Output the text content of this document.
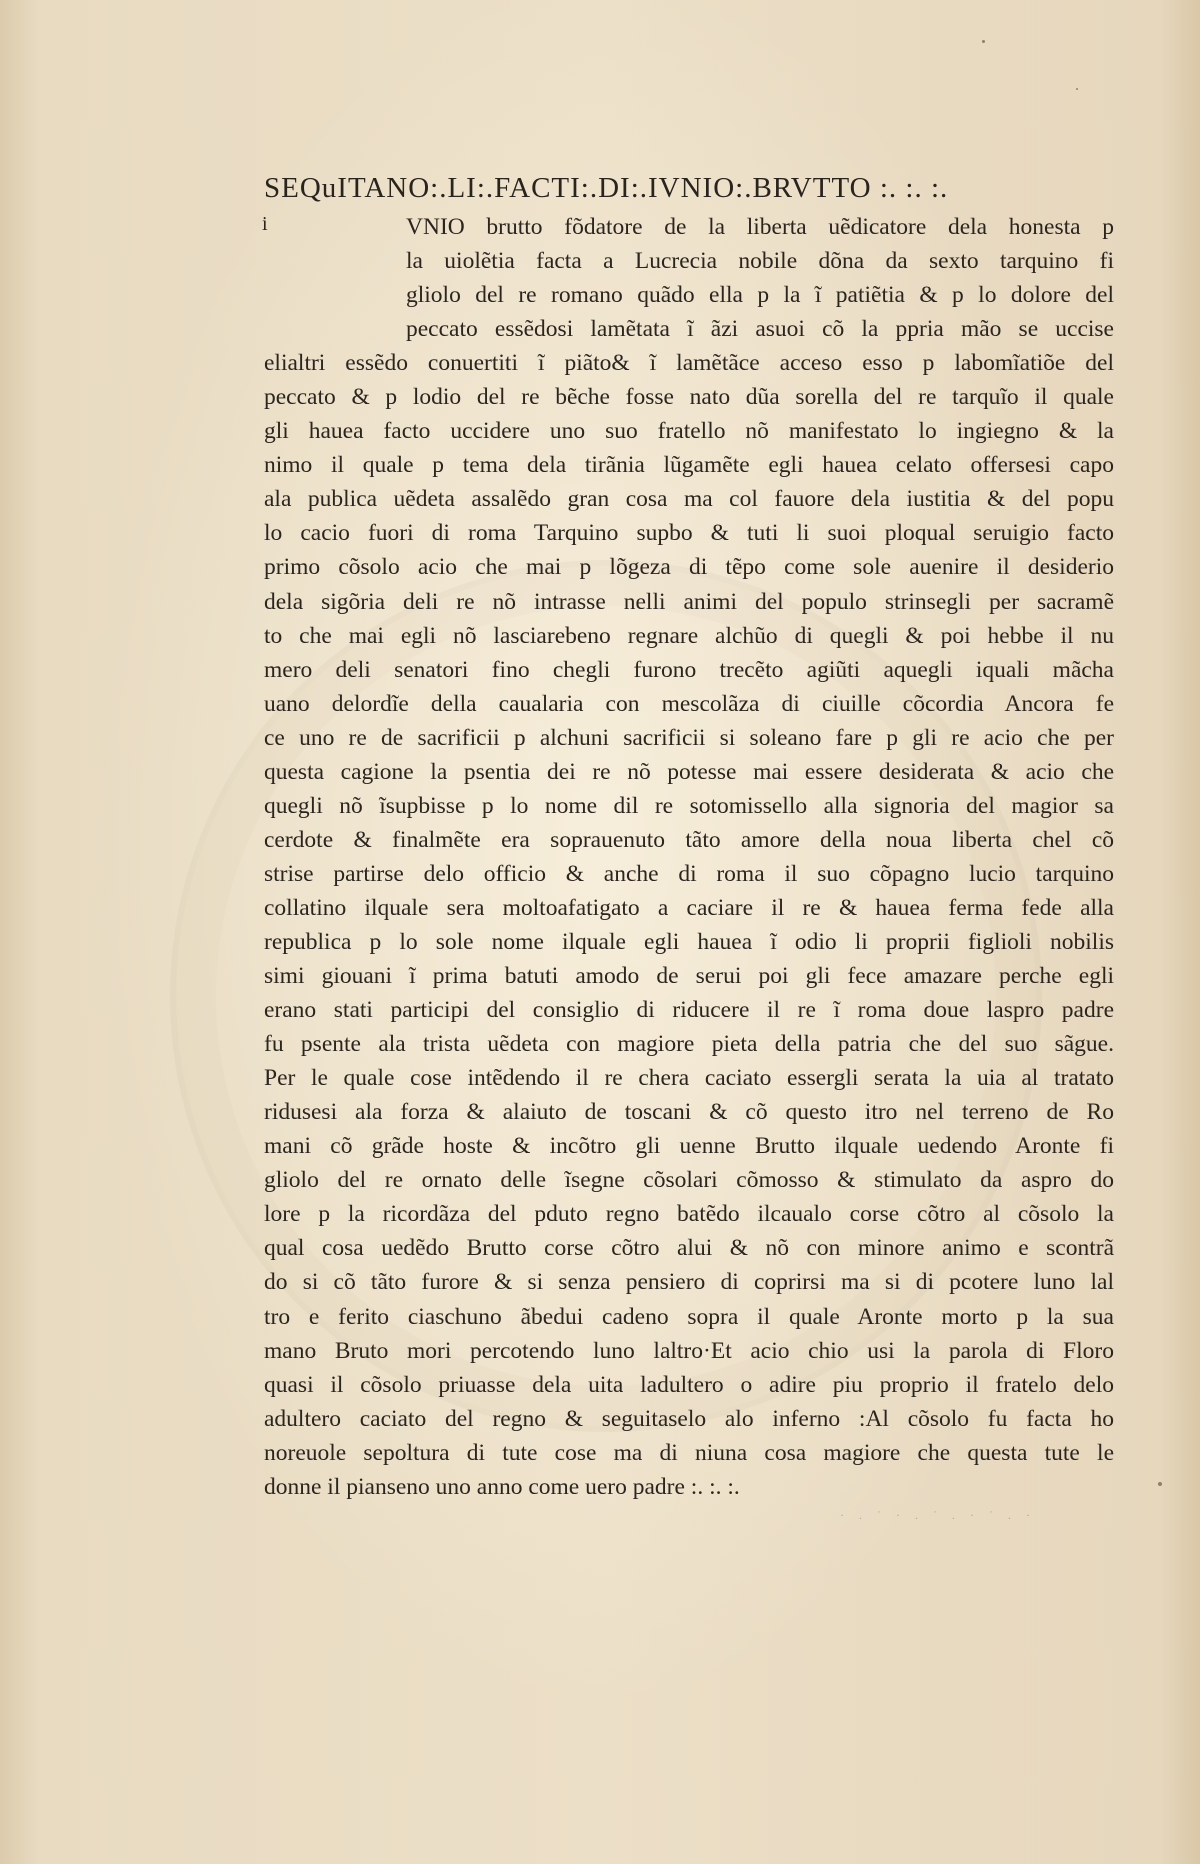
SEQuITANO:.LI:.FACTI:.DI:.IVNIO:.BRVTTO :. :. :.
i	VNIO brutto fõdatore de la liberta uẽdicatore dela honesta p
la uiolẽtia facta a Lucrecia nobile dõna da sexto tarquino fi
gliolo del re romano quãdo ella p la ĩ patiẽtia & p lo dolore del
peccato essẽdosi lamẽtata ĩ ãzi asuoi cõ la ppria mão se uccise
elialtri essẽdo conuertiti ĩ piãto& ĩ lamẽtãce acceso esso p labomĩatiõe del
peccato & p lodio del re bẽche fosse nato dũa sorella del re tarquĩo il quale
gli hauea facto uccidere uno suo fratello nõ manifestato lo ingiegno & la
nimo il quale p tema dela tirãnia lũgamẽte egli hauea celato offersesi capo
ala publica uẽdeta assalẽdo gran cosa ma col fauore dela iustitia & del popu
lo cacio fuori di roma Tarquino supbo & tuti li suoi ploqual seruigio facto
primo cõsolo acio che mai p lõgeza di tẽpo come sole auenire il desiderio
dela sigõria deli re nõ intrasse nelli animi del populo strinsegli per sacramẽ
to che mai egli nõ lasciarebeno regnare alchũo di quegli & poi hebbe il nu
mero deli senatori fino chegli furono trecẽto agiũti aquegli iquali mãcha
uano delordĩe della caualaria con mescolãza di ciuille cõcordia Ancora fe
ce uno re de sacrificii p alchuni sacrificii si soleano fare p gli re acio che per
questa cagione la psentia dei re nõ potesse mai essere desiderata & acio che
quegli nõ ĩsupbisse p lo nome dil re sotomissello alla signoria del magior sa
cerdote & finalmẽte era soprauenuto tãto amore della noua liberta chel cõ
strise partirse delo officio & anche di roma il suo cõpagno lucio tarquino
collatino ilquale sera moltoafatigato a caciare il re & hauea ferma fede alla
republica p lo sole nome ilquale egli hauea ĩ odio li proprii figlioli nobilis
simi giouani ĩ prima batuti amodo de serui poi gli fece amazare perche egli
erano stati participi del consiglio di riducere il re ĩ roma doue laspro padre
fu psente ala trista uẽdeta con magiore pieta della patria che del suo sãgue.
Per le quale cose intẽdendo il re chera caciato essergli serata la uia al tratato
ridusesi ala forza & alaiuto de toscani & cõ questo itro nel terreno de Ro
mani cõ grãde hoste & incõtro gli uenne Brutto ilquale uedendo Aronte fi
gliolo del re ornato delle ĩsegne cõsolari cõmosso & stimulato da aspro do
lore p la ricordãza del pduto regno batẽdo ilcaualo corse cõtro al cõsolo la
qual cosa uedẽdo Brutto corse cõtro alui & nõ con minore animo e scontrã
do si cõ tãto furore & si senza pensiero di coprirsi ma si di pcotere luno lal
tro e ferito ciaschuno ãbedui cadeno sopra il quale Aronte morto p la sua
mano Bruto mori percotendo luno laltro·Et acio chio usi la parola di Floro
quasi il cõsolo priuasse dela uita ladultero o adire piu proprio il fratelo delo
adultero caciato del regno & seguitaselo alo inferno :Al cõsolo fu facta ho
noreuole sepoltura di tute cose ma di niuna cosa magiore che questa tute le
donne il pianseno uno anno come uero padre :. :. :.
· . ˙ · . ˙ . · ˙ . ·
